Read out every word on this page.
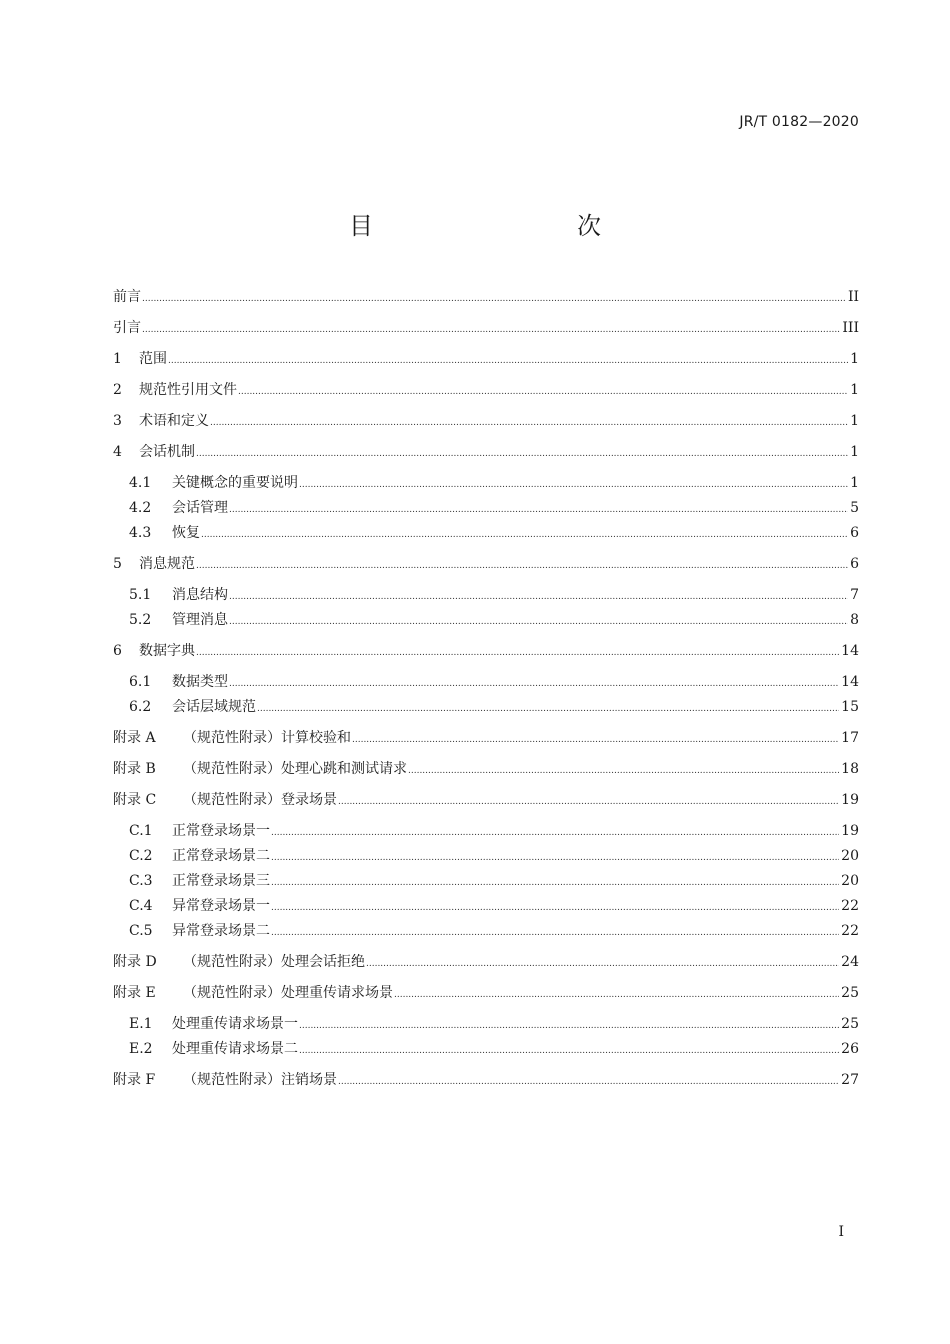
JR/T 0182—2020
目　　次
前言 .....	II
引言 .....	III
1	范围 .....	1
2	规范性引用文件 .....	1
3	术语和定义 .....	1
4	会话机制 .....	1
4.1	关键概念的重要说明 .....	1
4.2	会话管理 .....	5
4.3	恢复 .....	6
5	消息规范 .....	6
5.1	消息结构 .....	7
5.2	管理消息 .....	8
6	数据字典 .....	14
6.1	数据类型 .....	14
6.2	会话层域规范 .....	15
附录 A	（规范性附录）计算校验和 .....	17
附录 B	（规范性附录）处理心跳和测试请求 .....	18
附录 C	（规范性附录）登录场景 .....	19
C.1	正常登录场景一 .....	19
C.2	正常登录场景二 .....	20
C.3	正常登录场景三 .....	20
C.4	异常登录场景一 .....	22
C.5	异常登录场景二 .....	22
附录 D	（规范性附录）处理会话拒绝 .....	24
附录 E	（规范性附录）处理重传请求场景 .....	25
E.1	处理重传请求场景一 .....	25
E.2	处理重传请求场景二 .....	26
附录 F	（规范性附录）注销场景 .....	27
I
